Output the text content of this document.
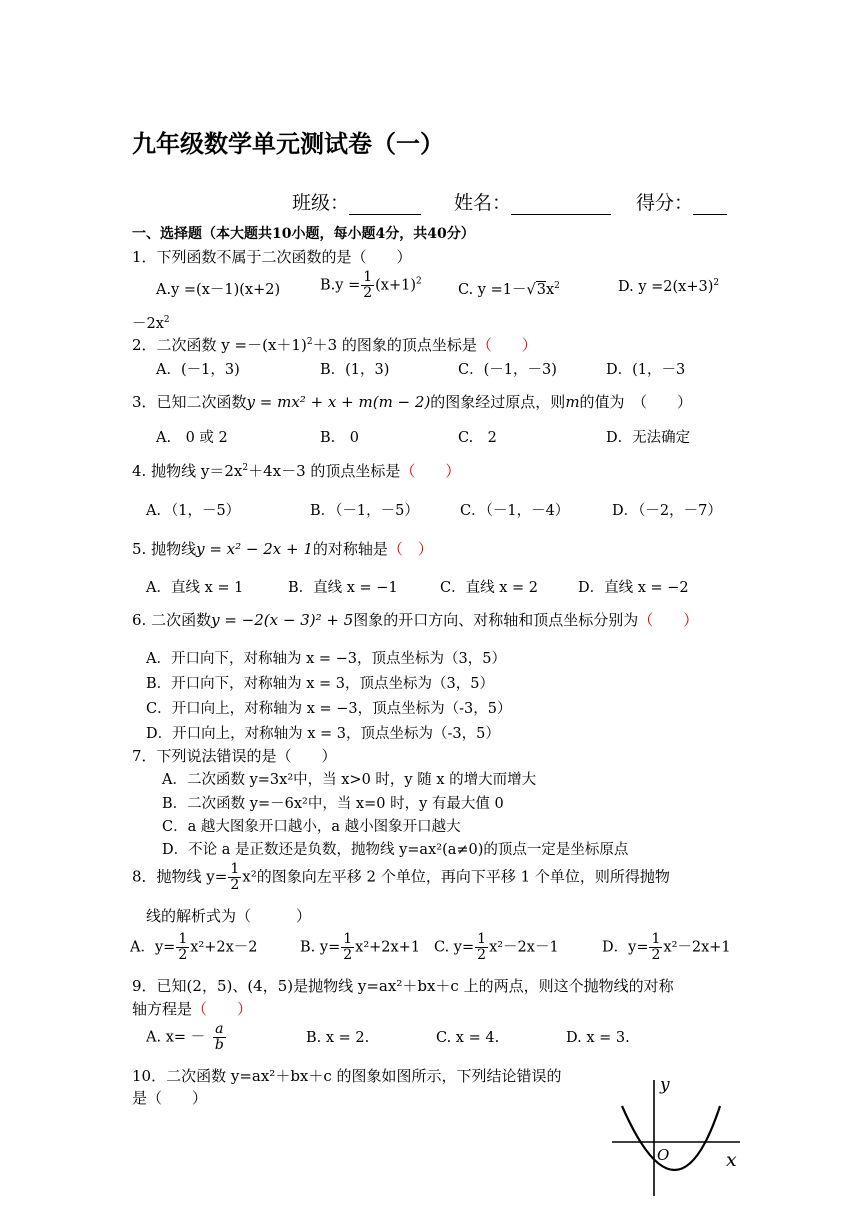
九年级数学单元测试卷（一）
班级：	姓名：	得分：
一、选择题（本大题共10小题，每小题4分，共40分）
1．下列函数不属于二次函数的是（　　）
A.y =(x－1)(x+2)	$B.y = \frac{1}{2} (x+1)^2$
C. $y =1-√3x^2$	D. $y =2(x+3)^2$
$-2x^2$
2．二次函数 $y =-(x+1)^2+3$ 的图象的顶点坐标是（　　）
A．(－1，3)	B．(1，3)	C．(－1，－3)	D．(1，－3
3．已知二次函数y = mx² + x + m(m − 2)的图象经过原点，则m的值为　（　　）
A.　0 或 2	B.　0	C.　2	D．无法确定
4. 抛物线 $y=2x^2+4x-3$ 的顶点坐标是（　　）
A．（1，－5）	B．（－1，－5）	C．（－1，－4）	D．（－2，－7）
5. 抛物线y = x² − 2x + 1的对称轴是（　）
A．直线 x = 1	B．直线 x = −1	C．直线 x = 2	D．直线 x = −2
6. 二次函数y = −2(x − 3)² + 5图象的开口方向、对称轴和顶点坐标分别为（　　）
A．开口向下，对称轴为 x = −3，顶点坐标为（3，5）
B．开口向下，对称轴为 x = 3，顶点坐标为（3，5）
C．开口向上，对称轴为 x = −3，顶点坐标为（-3，5）
D．开口向上，对称轴为 x = 3，顶点坐标为（-3，5）
7．下列说法错误的是（　　）
A．二次函数 y=3x²中，当 x>0 时，y 随 x 的增大而增大
B．二次函数 y=－6x²中，当 x=0 时，y 有最大值 0
C．a 越大图象开口越小，a 越小图象开口越大
D．不论 a 是正数还是负数，抛物线 y=ax²(a≠0)的顶点一定是坐标原点
8．抛物线 $y= \frac{1}{2} x^2$的图象向左平移 2 个单位，再向下平移 1 个单位，则所得抛物
线的解析式为（　　　）
A．$y= \frac{1}{2} x^2+2x-2$	B. $y= \frac{1}{2} x^2+2x+1$ C. $y= \frac{1}{2} x^2-2x-1$	D．$y= \frac{1}{2} x^2-2x+1$
9．已知(2，5)、(4，5)是抛物线 y=ax²＋bx＋c 上的两点，则这个抛物线的对称
轴方程是（　　）
A. $x= - \frac{a}{b}$	B. x = 2.	C. x = 4.	D. x = 3.
10．二次函数 y=ax²＋bx＋c 的图象如图所示，下列结论错误的
是（　　）
y
x
O
